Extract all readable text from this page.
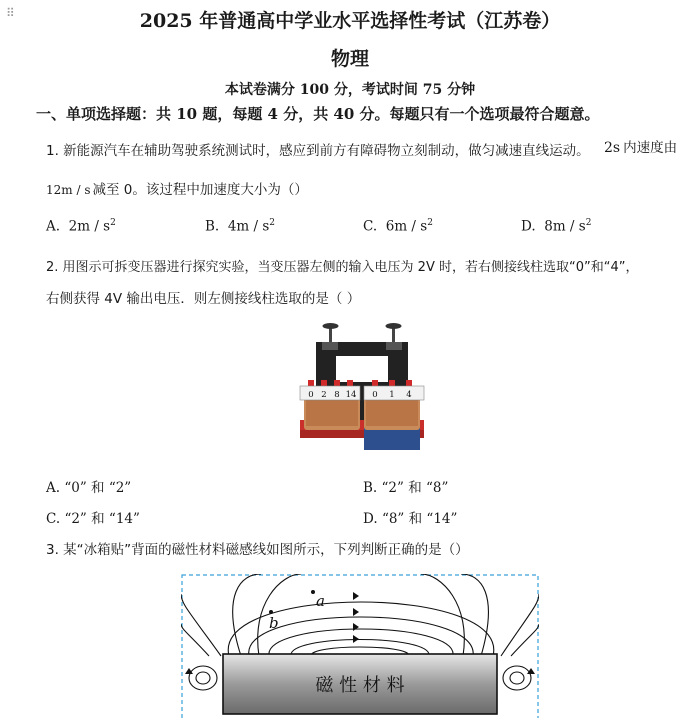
⠿	2025 年普通高中学业水平选择性考试（江苏卷）
物理
本试卷满分 100 分，考试时间 75 分钟
一、单项选择题：共 10 题，每题 4 分，共 40 分。每题只有一个选项最符合题意。
1. 新能源汽车在辅助驾驶系统测试时，感应到前方有障碍物立刻制动，做匀减速直线运动。 2s 内速度由
12m / s 减至 0。该过程中加速度大小为（）
A. $2m / s^2$	B. $4m / s^2$	C. $6m / s^2$	D. $8m / s^2$
2. 用图示可拆变压器进行探究实验，当变压器左侧的输入电压为 2V 时，若右侧接线柱选取“0”和“4”，
右侧获得 4V 输出电压．则左侧接线柱选取的是（ ）
0 2 8 14 0 1 4
A. “0” 和 “2”	B. “2” 和 “8”
C. “2” 和 “14”	D. “8” 和 “14”
3. 某“冰箱贴”背面的磁性材料磁感线如图所示，下列判断正确的是（）
a
b
磁 性 材 料
